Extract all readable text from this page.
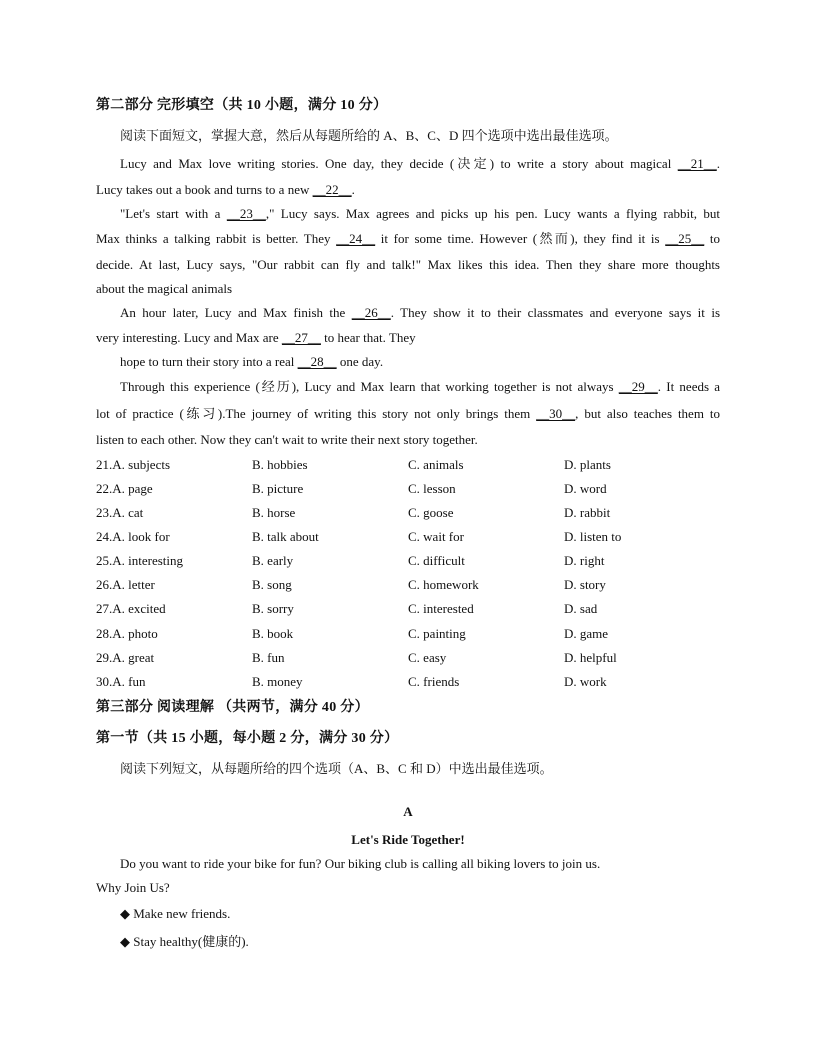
第二部分 完形填空（共 10 小题，满分 10 分）
阅读下面短文，掌握大意，然后从每题所给的 A、B、C、D 四个选项中选出最佳选项。
Lucy and Max love writing stories. One day, they decide (决定) to write a story about magical __21__.
Lucy takes out a book and turns to a new __22__.
"Let's start with a __23__," Lucy says. Max agrees and picks up his pen. Lucy wants a flying rabbit, but
Max thinks a talking rabbit is better. They __24__ it for some time. However (然而), they find it is __25__ to
decide. At last, Lucy says, "Our rabbit can fly and talk!" Max likes this idea. Then they share more thoughts
about the magical animals
An hour later, Lucy and Max finish the __26__. They show it to their classmates and everyone says it is
very interesting. Lucy and Max are __27__ to hear that. They
hope to turn their story into a real __28__ one day.
Through this experience (经历), Lucy and Max learn that working together is not always __29__. It needs a
lot of practice (练习).The journey of writing this story not only brings them __30__, but also teaches them to
listen to each other. Now they can't wait to write their next story together.
21.A. subjects	B. hobbies	C. animals	D. plants
22.A. page	B. picture	C. lesson	D. word
23.A. cat	B. horse	C. goose	D. rabbit
24.A. look for	B. talk about	C. wait for	D. listen to
25.A. interesting	B. early	C. difficult	D. right
26.A. letter	B. song	C. homework	D. story
27.A. excited	B. sorry	C. interested	D. sad
28.A. photo	B. book	C. painting	D. game
29.A. great	B. fun	C. easy	D. helpful
30.A. fun	B. money	C. friends	D. work
第三部分 阅读理解 （共两节，满分 40 分）
第一节（共 15 小题，每小题 2 分，满分 30 分）
阅读下列短文，从每题所给的四个选项（A、B、C 和 D）中选出最佳选项。
A
Let's Ride Together!
Do you want to ride your bike for fun? Our biking club is calling all biking lovers to join us.
Why Join Us?
◆ Make new friends.
◆ Stay healthy(健康的).
